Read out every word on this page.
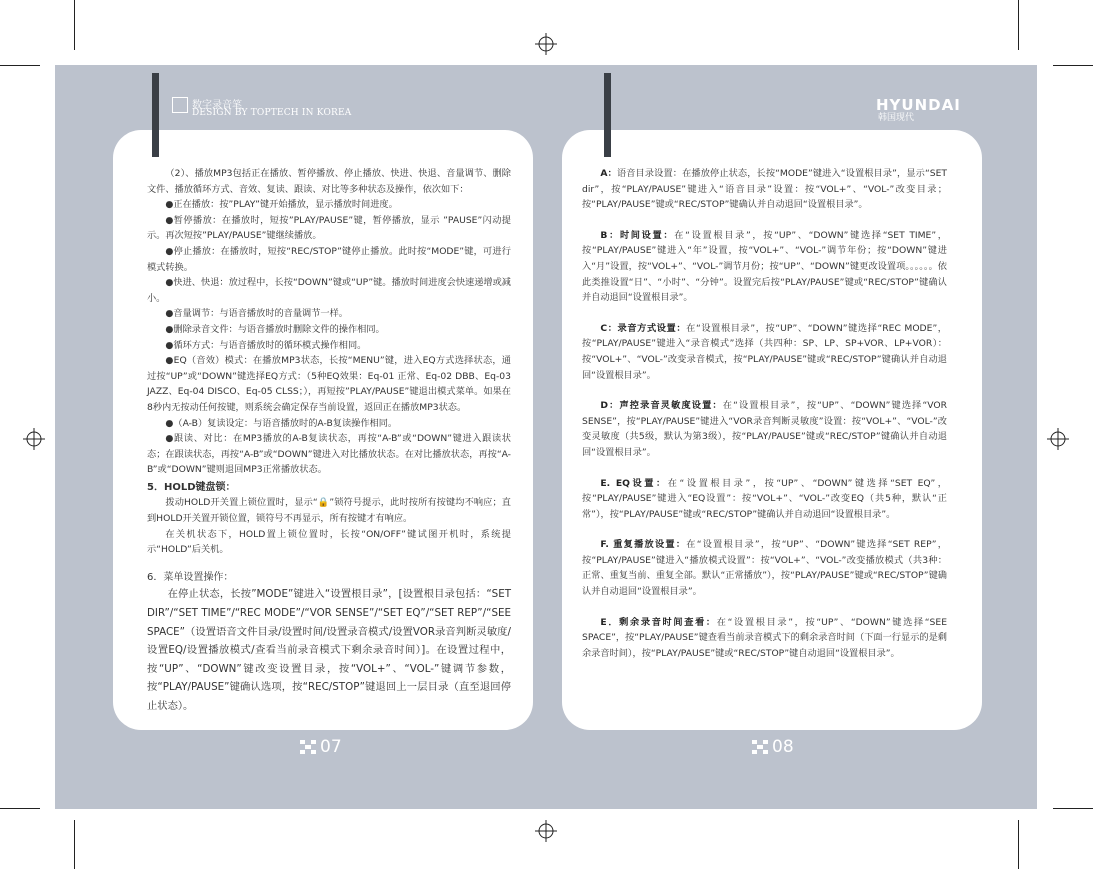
数字录音笔
DESIGN BY TOPTECH IN KOREA	HYUNDAI
韩国现代

（2）、播放MP3包括正在播放、暂停播放、停止播放、快进、快退、音量调节、删除文件、播放循环方式、音效、复读、跟读、对比等多种状态及操作，依次如下：

●正在播放：按”PLAY”键开始播放，显示播放时间进度。

●暂停播放：在播放时，短按”PLAY/PAUSE”键，暂停播放，显示 ”PAUSE”闪动提示。再次短按”PLAY/PAUSE”键继续播放。

●停止播放：在播放时，短按“REC/STOP”键停止播放。此时按“MODE”键，可进行模式转换。

●快进、快退：放过程中，长按“DOWN”键或“UP”键。播放时间进度会快速递增或减小。

●音量调节：与语音播放时的音量调节一样。

●删除录音文件：与语音播放时删除文件的操作相同。

●循环方式：与语音播放时的循环模式操作相同。

●EQ（音效）模式：在播放MP3状态，长按“MENU”键，进入EQ方式选择状态，通过按“UP”或“DOWN”键选择EQ方式：（5种EQ效果：Eq-01 正常、Eq-02 DBB、Eq-03 JAZZ、Eq-04 DISCO、Eq-05 CLSS；），再短按”PLAY/PAUSE”键退出模式菜单。如果在8秒内无按动任何按键，则系统会确定保存当前设置，返回正在播放MP3状态。

●（A-B）复读设定：与语音播放时的A-B复读操作相同。

●跟读、对比：在MP3播放的A-B复读状态，再按“A-B”或“DOWN”键进入跟读状态；在跟读状态，再按“A-B”或“DOWN”键进入对比播放状态。在对比播放状态，再按“A-B”或“DOWN”键则退回MP3正常播放状态。

5．HOLD键盘锁：

拨动HOLD开关置上锁位置时，显示“🔒”锁符号提示，此时按所有按键均不响应；直到HOLD开关置开锁位置，锁符号不再显示，所有按键才有响应。

在关机状态下，HOLD置上锁位置时，长按“ON/OFF”键试图开机时，系统提示“HOLD”后关机。

6．菜单设置操作：

在停止状态，长按”MODE”键进入“设置根目录”，[设置根目录包括：“SET DIR”/“SET TIME”/“REC MODE”/“VOR SENSE”/“SET EQ”/“SET REP”/“SEE SPACE”（设置语音文件目录/设置时间/设置录音模式/设置VOR录音判断灵敏度/设置EQ/设置播放模式/查看当前录音模式下剩余录音时间）]。在设置过程中，按“UP”、“DOWN”键改变设置目录，按“VOL+”、“VOL-”键调节参数，按“PLAY/PAUSE”键确认选项，按“REC/STOP”键退回上一层目录（直至退回停止状态）。

A：语音目录设置：在播放停止状态，长按“MODE”键进入“设置根目录”，显示“SET dir”，按“PLAY/PAUSE”键进入“语音目录”设置：按“VOL+”、“VOL-”改变目录；按“PLAY/PAUSE”键或“REC/STOP”键确认并自动退回“设置根目录”。

B：时间设置：在“设置根目录”，按“UP”、“DOWN”键选择“SET TIME”，按“PLAY/PAUSE”键进入“年”设置，按“VOL+”、“VOL-”调节年份；按“DOWN”键进入“月”设置，按“VOL+”、“VOL-”调节月份；按“UP”、“DOWN”键更改设置项。。。。。。依此类推设置“日”、“小时”、“分钟”。设置完后按“PLAY/PAUSE”键或“REC/STOP”键确认并自动退回“设置根目录”。

C：录音方式设置：在“设置根目录”，按“UP”、“DOWN”键选择“REC MODE”，按“PLAY/PAUSE”键进入“录音模式”选择（共四种：SP、LP、SP+VOR、LP+VOR）：按“VOL+”、“VOL-”改变录音模式，按“PLAY/PAUSE”键或“REC/STOP”键确认并自动退回“设置根目录”。

D：声控录音灵敏度设置：在“设置根目录”，按“UP”、“DOWN”键选择“VOR SENSE”，按“PLAY/PAUSE”键进入“VOR录音判断灵敏度”设置：按“VOL+”、“VOL-”改变灵敏度（共5级，默认为第3级），按“PLAY/PAUSE”键或“REC/STOP”键确认并自动退回“设置根目录”。

E. EQ设置：在“设置根目录”，按“UP”、“DOWN”键选择“SET EQ”，按“PLAY/PAUSE”键进入“EQ设置”：按“VOL+”、“VOL-”改变EQ（共5种，默认“正常”），按“PLAY/PAUSE”键或“REC/STOP”键确认并自动退回“设置根目录”。

F. 重复播放设置：在“设置根目录”，按“UP”、“DOWN”键选择“SET REP”，按“PLAY/PAUSE”键进入“播放模式设置”：按“VOL+”、“VOL-”改变播放模式（共3种：正常、重复当前、重复全部。默认“正常播放”），按“PLAY/PAUSE”键或“REC/STOP”键确认并自动退回“设置根目录”。

E．剩余录音时间查看：在“设置根目录”，按“UP”、“DOWN”键选择“SEE SPACE”，按“PLAY/PAUSE”键查看当前录音模式下的剩余录音时间（下面一行显示的是剩余录音时间），按“PLAY/PAUSE”键或“REC/STOP”键自动退回“设置根目录”。

07	08
